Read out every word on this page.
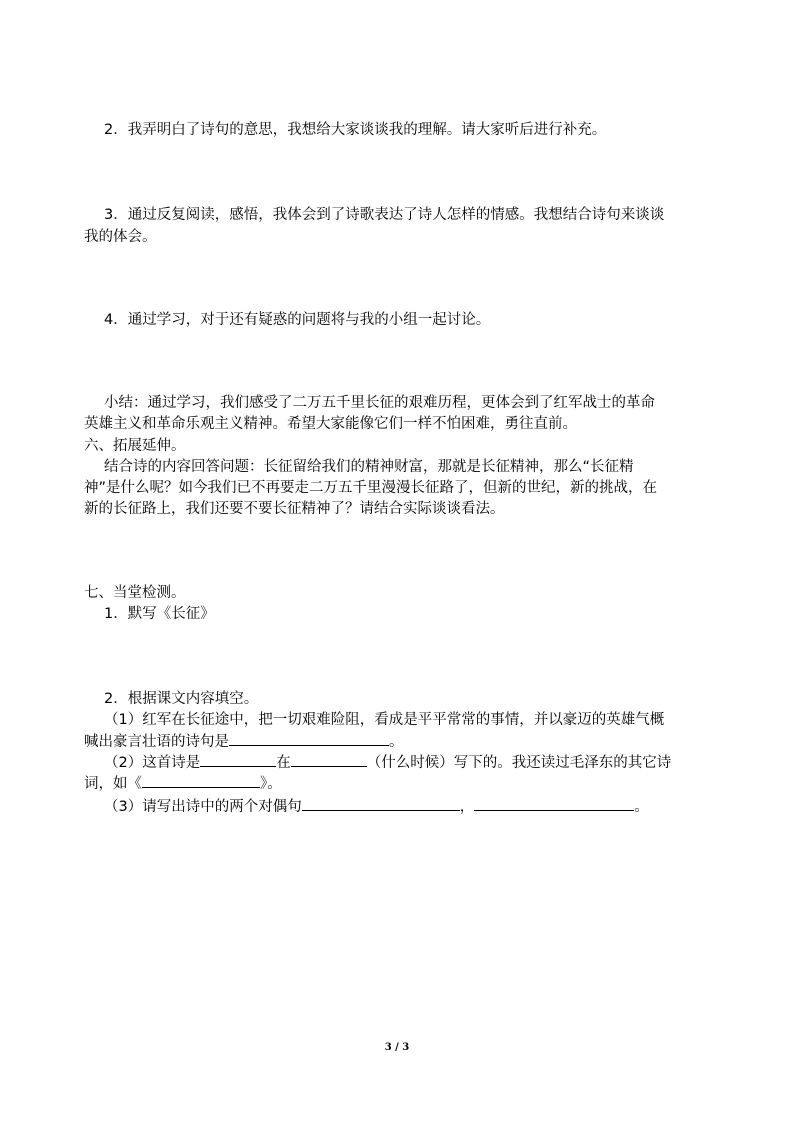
2．我弄明白了诗句的意思，我想给大家谈谈我的理解。请大家听后进行补充。
3．通过反复阅读，感悟，我体会到了诗歌表达了诗人怎样的情感。我想结合诗句来谈谈
我的体会。
4．通过学习，对于还有疑惑的问题将与我的小组一起讨论。
小结：通过学习，我们感受了二万五千里长征的艰难历程，更体会到了红军战士的革命
英雄主义和革命乐观主义精神。希望大家能像它们一样不怕困难，勇往直前。
六、拓展延伸。
结合诗的内容回答问题：长征留给我们的精神财富，那就是长征精神，那么“长征精
神”是什么呢？如今我们已不再要走二万五千里漫漫长征路了，但新的世纪，新的挑战，在
新的长征路上，我们还要不要长征精神了？请结合实际谈谈看法。
七、当堂检测。
1．默写《长征》
2．根据课文内容填空。
（1）红军在长征途中，把一切艰难险阻，看成是平平常常的事情，并以豪迈的英雄气概
喊出豪言壮语的诗句是	。
（2）这首诗是	在	（什么时候）写下的。我还读过毛泽东的其它诗
词，如《	》。
（3）请写出诗中的两个对偶句	，	。
3 / 3
